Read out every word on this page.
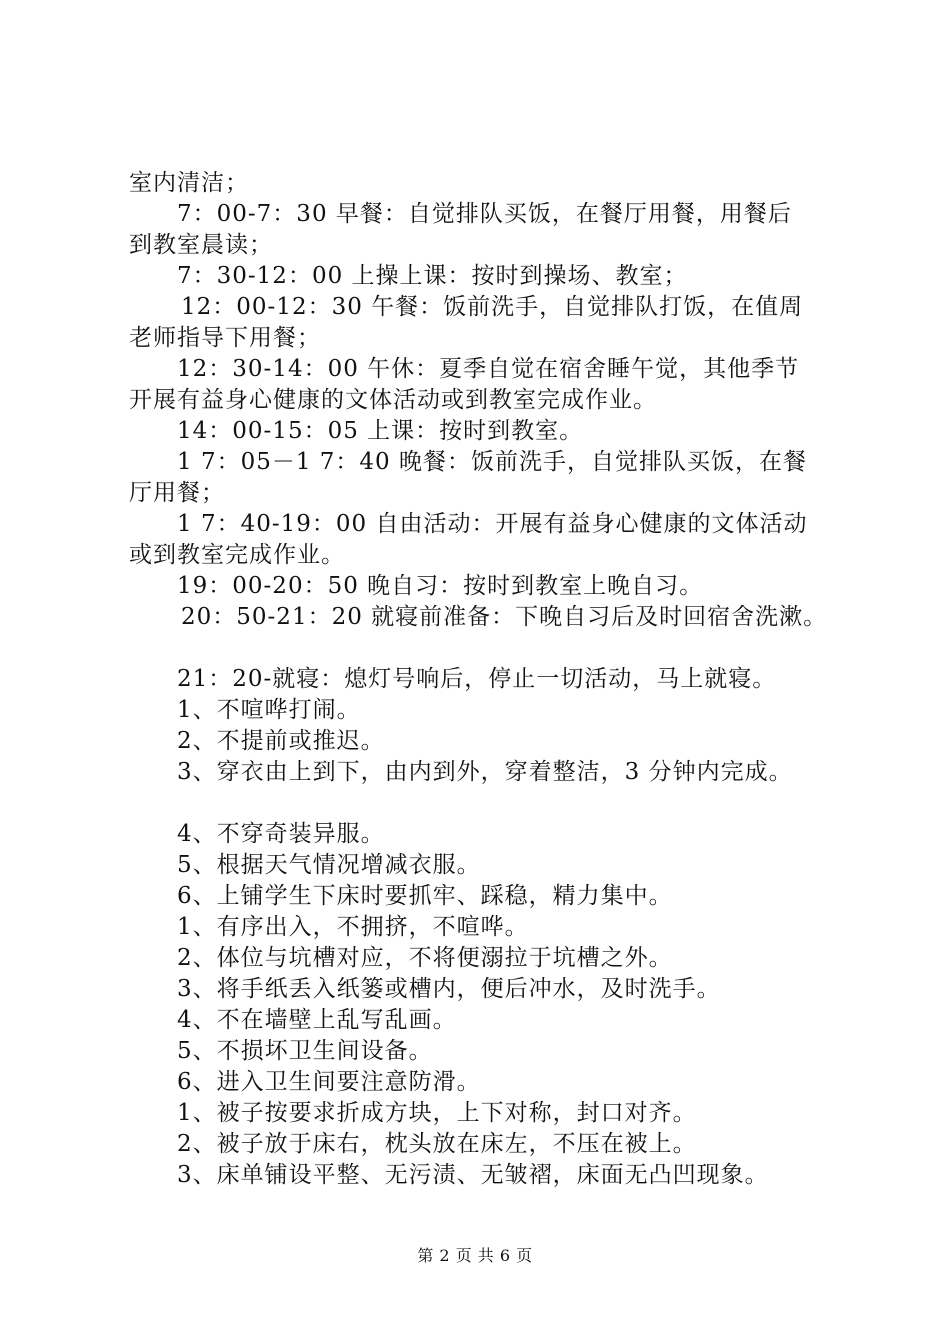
室内清洁；
7：00-7：30 早餐：自觉排队买饭，在餐厅用餐，用餐后
到教室晨读；
7：30-12：00 上操上课：按时到操场、教室；
12：00-12：30 午餐：饭前洗手，自觉排队打饭，在值周
老师指导下用餐；
12：30-14：00 午休：夏季自觉在宿舍睡午觉，其他季节
开展有益身心健康的文体活动或到教室完成作业。
14：00-15：05 上课：按时到教室。
1 7：05－1 7：40 晚餐：饭前洗手，自觉排队买饭，在餐
厅用餐；
1 7：40-19：00 自由活动：开展有益身心健康的文体活动
或到教室完成作业。
19：00-20：50 晚自习：按时到教室上晚自习。
20：50-21：20 就寝前准备：下晚自习后及时回宿舍洗漱。
21：20-就寝：熄灯号响后，停止一切活动，马上就寝。
1、不喧哗打闹。
2、不提前或推迟。
3、穿衣由上到下，由内到外，穿着整洁，3 分钟内完成。
4、不穿奇装异服。
5、根据天气情况增减衣服。
6、上铺学生下床时要抓牢、踩稳，精力集中。
1、有序出入，不拥挤，不喧哗。
2、体位与坑槽对应，不将便溺拉于坑槽之外。
3、将手纸丢入纸篓或槽内，便后冲水，及时洗手。
4、不在墙壁上乱写乱画。
5、不损坏卫生间设备。
6、进入卫生间要注意防滑。
1、被子按要求折成方块，上下对称，封口对齐。
2、被子放于床右，枕头放在床左，不压在被上。
3、床单铺设平整、无污渍、无皱褶，床面无凸凹现象。
第 2 页 共 6 页
